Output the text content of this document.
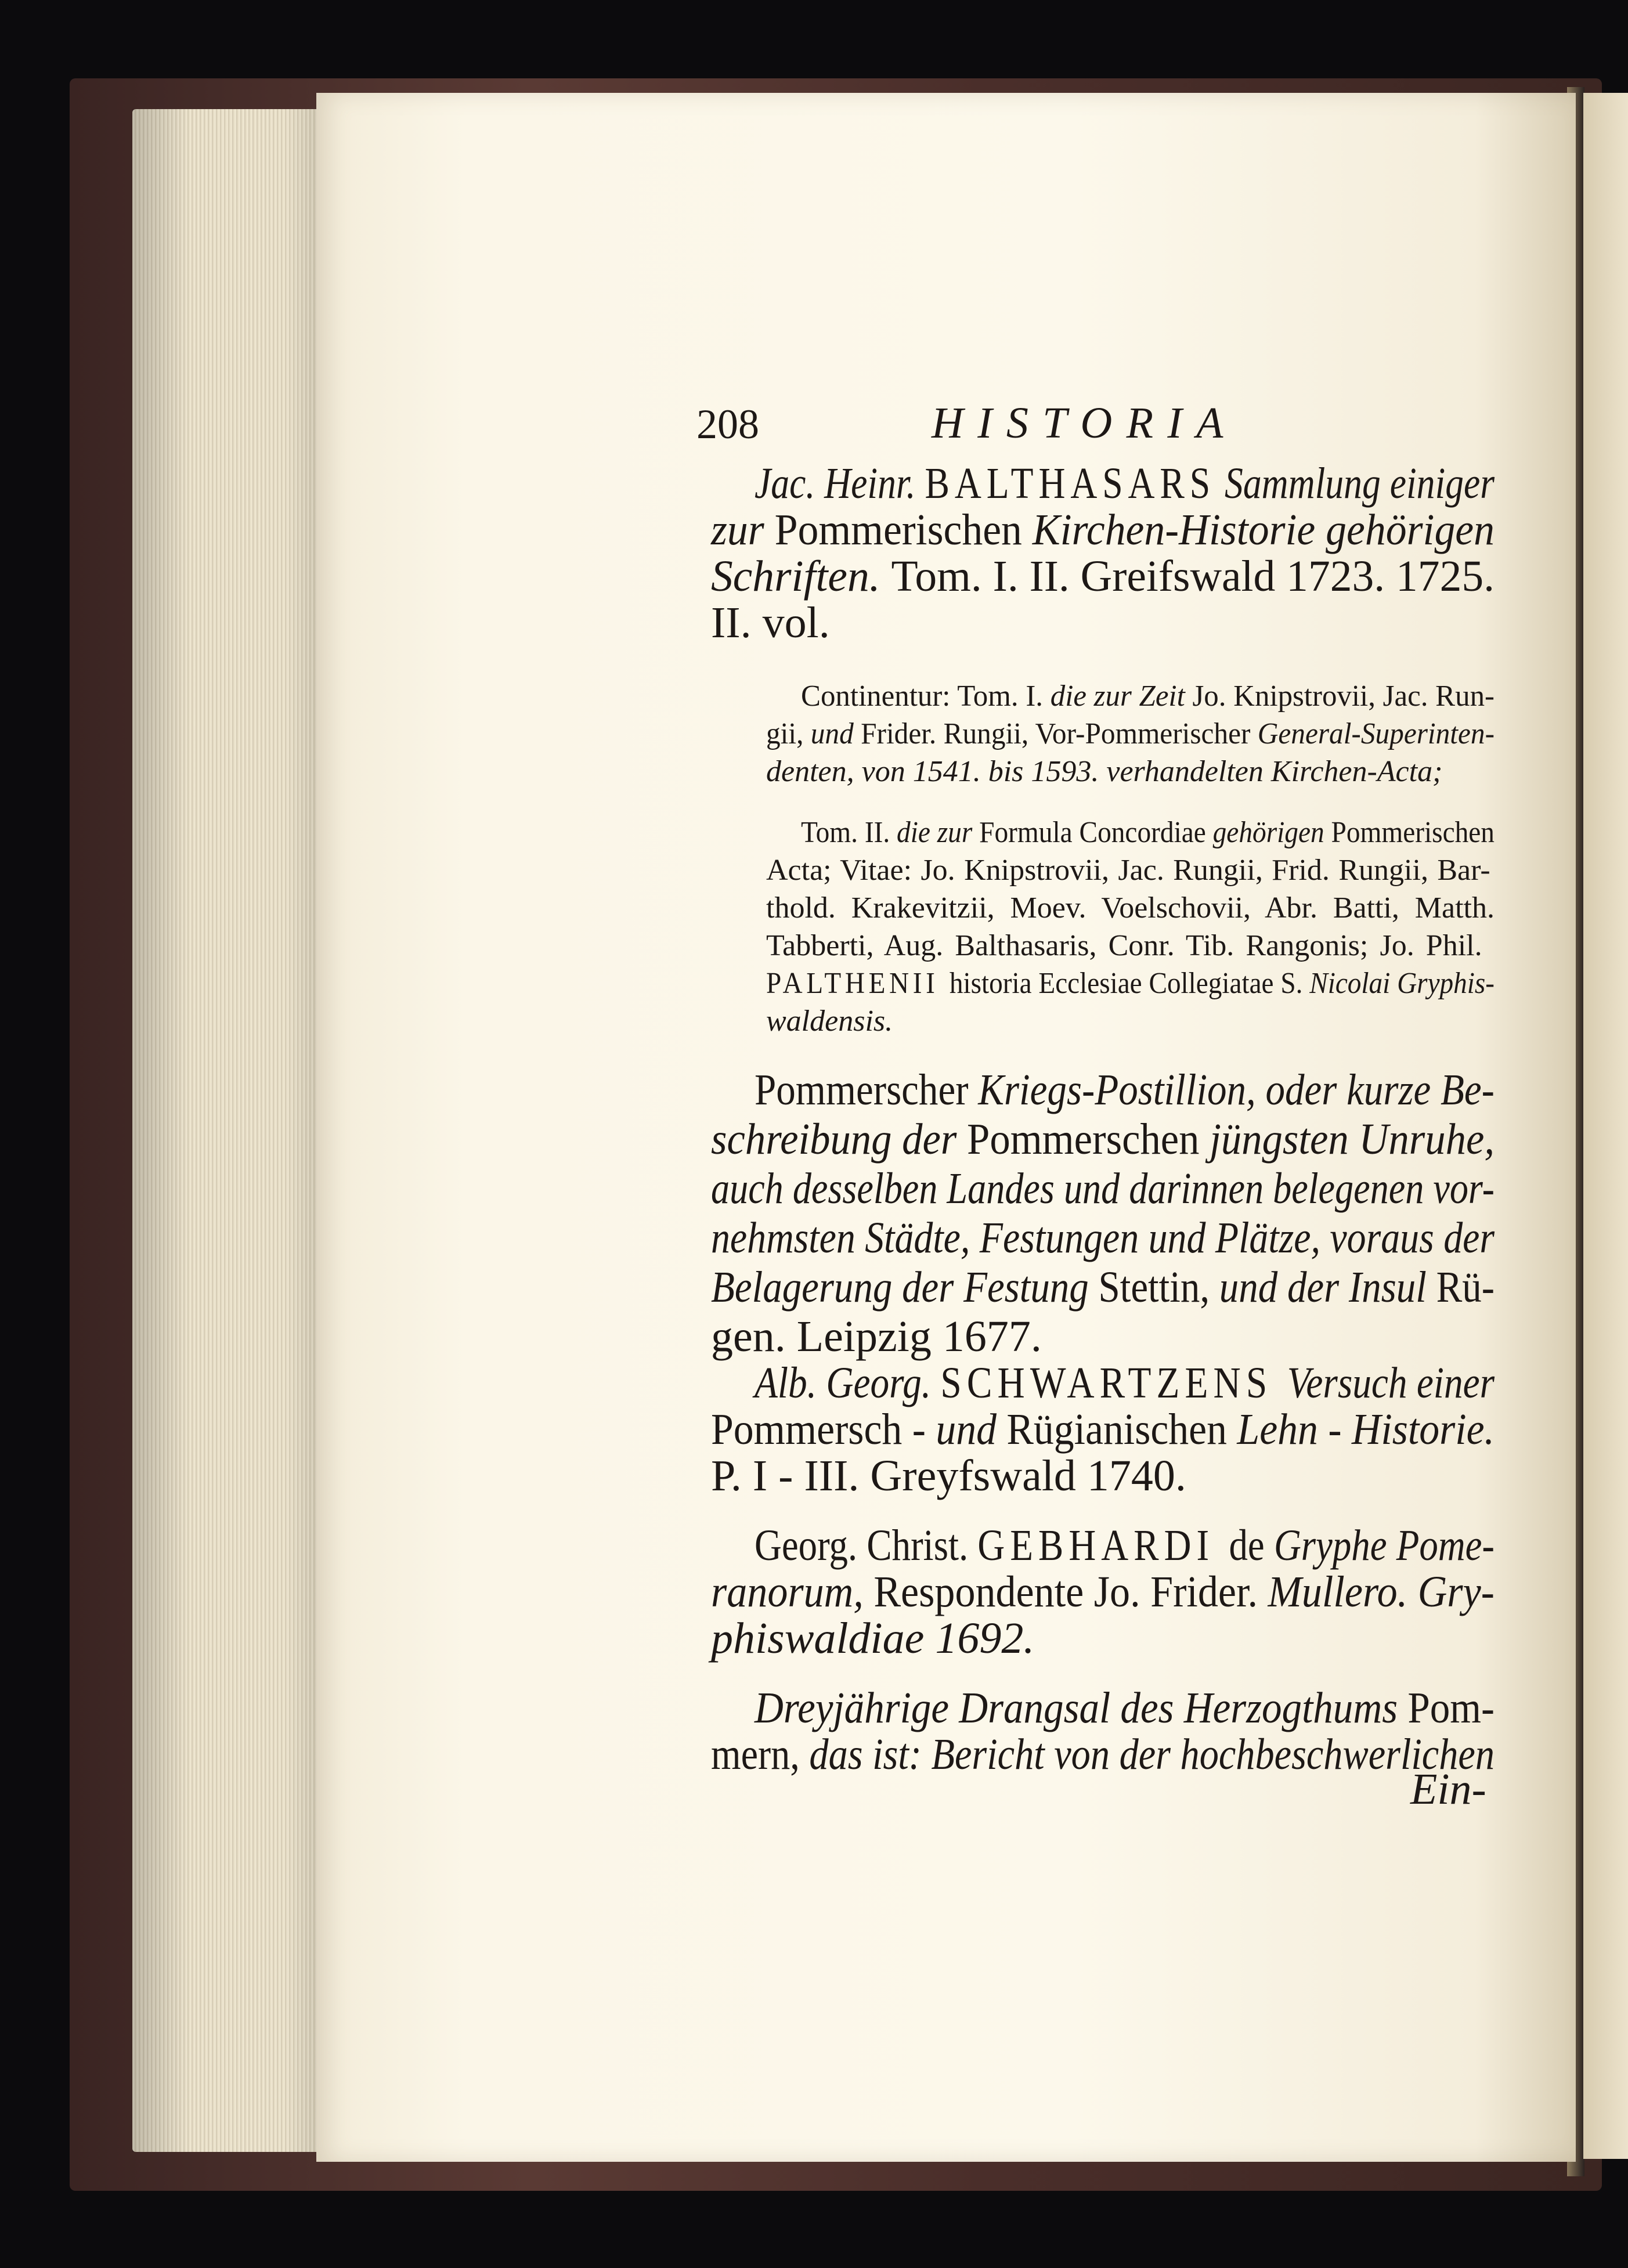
208	HISTORIA
Jac. Heinr. BALTHASARS Sammlung einiger
zur Pommerischen Kirchen-Historie gehörigen
Schriften. Tom. I. II. Greifswald 1723. 1725.
II. vol.
Continentur: Tom. I. die zur Zeit Jo. Knipstrovii, Jac. Run-
gii, und Frider. Rungii, Vor-Pommerischer General-Superinten-
denten, von 1541. bis 1593. verhandelten Kirchen-Acta;
Tom. II. die zur Formula Concordiae gehörigen Pommerischen
Acta; Vitae: Jo. Knipstrovii, Jac. Rungii, Frid. Rungii, Bar-
thold. Krakevitzii, Moev. Voelschovii, Abr. Batti, Matth.
Tabberti, Aug. Balthasaris, Conr. Tib. Rangonis; Jo. Phil.
PALTHENII historia Ecclesiae Collegiatae S. Nicolai Gryphis-
waldensis.
Pommerscher Kriegs-Postillion, oder kurze Be-
schreibung der Pommerschen jüngsten Unruhe,
auch desselben Landes und darinnen belegenen vor-
nehmsten Städte, Festungen und Plätze, voraus der
Belagerung der Festung Stettin, und der Insul Rü-
gen. Leipzig 1677.
Alb. Georg. SCHWARTZENS Versuch einer
Pommersch - und Rügianischen Lehn - Historie.
P. I - III. Greyfswald 1740.
Georg. Christ. GEBHARDI de Gryphe Pome-
ranorum, Respondente Jo. Frider. Mullero. Gry-
phiswaldiae 1692.
Dreyjährige Drangsal des Herzogthums Pom-
mern, das ist: Bericht von der hochbeschwerlichen
Ein-
